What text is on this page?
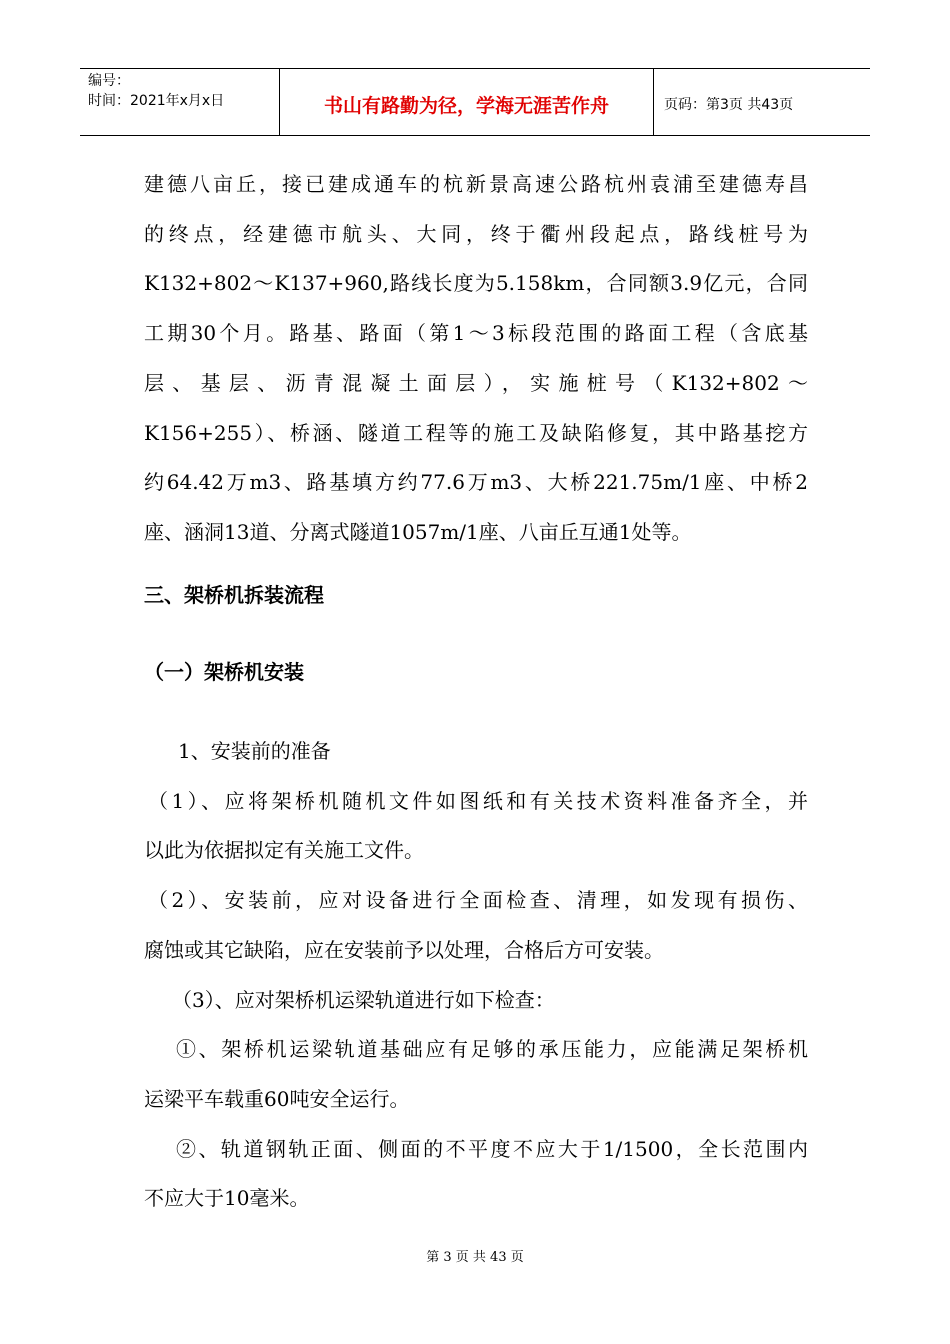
编号：
时间：2021年x月x日	书山有路勤为径，学海无涯苦作舟	页码：第3页 共43页
建德八亩丘，接已建成通车的杭新景高速公路杭州袁浦至建德寿昌
的终点，经建德市航头、大同，终于衢州段起点，路线桩号为
K132+802～K137+960,路线长度为5.158km，合同额3.9亿元，合同
工期30个月。路基、路面（第1～3标段范围的路面工程（含底基
层、基层、沥青混凝土面层），实施桩号（K132+802～
K156+255）、桥涵、隧道工程等的施工及缺陷修复，其中路基挖方
约64.42万m3、路基填方约77.6万m3、大桥221.75m/1座、中桥2
座、涵洞13道、分离式隧道1057m/1座、八亩丘互通1处等。
三、架桥机拆装流程
（一）架桥机安装
1、安装前的准备
（1）、应将架桥机随机文件如图纸和有关技术资料准备齐全，并
以此为依据拟定有关施工文件。
（2）、安装前，应对设备进行全面检查、清理，如发现有损伤、
腐蚀或其它缺陷，应在安装前予以处理，合格后方可安装。
（3）、应对架桥机运梁轨道进行如下检查：
①、架桥机运梁轨道基础应有足够的承压能力，应能满足架桥机
运梁平车载重60吨安全运行。
②、轨道钢轨正面、侧面的不平度不应大于1/1500，全长范围内
不应大于10毫米。
第 3 页 共 43 页
